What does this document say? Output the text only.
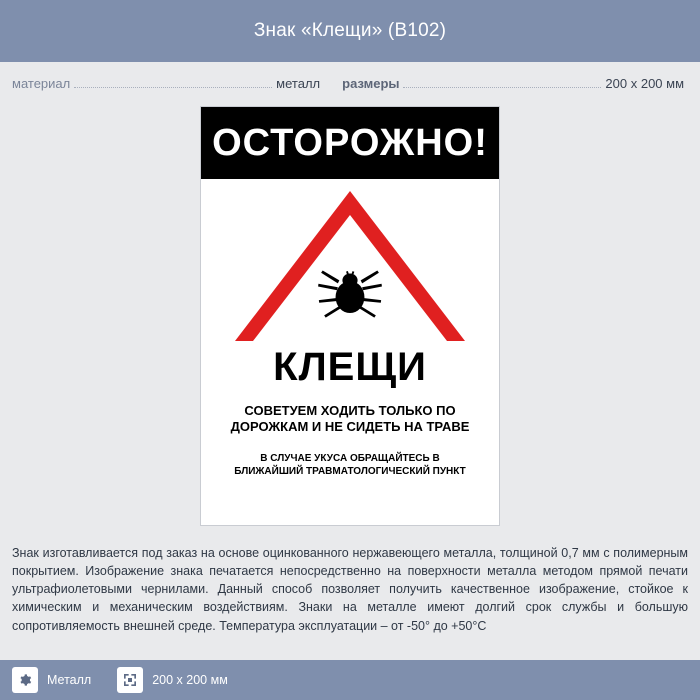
Знак «Клещи» (B102)
материал	металл размеры	200 x 200 мм
ОСТОРОЖНО!
КЛЕЩИ
СОВЕТУЕМ ХОДИТЬ ТОЛЬКО ПО
ДОРОЖКАМ И НЕ СИДЕТЬ НА ТРАВЕ
В СЛУЧАЕ УКУСА ОБРАЩАЙТЕСЬ В
БЛИЖАЙШИЙ ТРАВМАТОЛОГИЧЕСКИЙ ПУНКТ
Знак изготавливается под заказ на основе оцинкованного нержавеющего металла, толщиной 0,7 мм с полимерным покрытием. Изображение знака печатается непосредственно на поверхности металла методом прямой печати ультрафиолетовыми чернилами. Данный способ позволяет получить качественное изображение, стойкое к химическим и механическим воздействиям. Знаки на металле имеют долгий срок службы и большую сопротивляемость внешней среде. Температура эксплуатации – от -50° до +50°С
Металл	200 x 200 мм
